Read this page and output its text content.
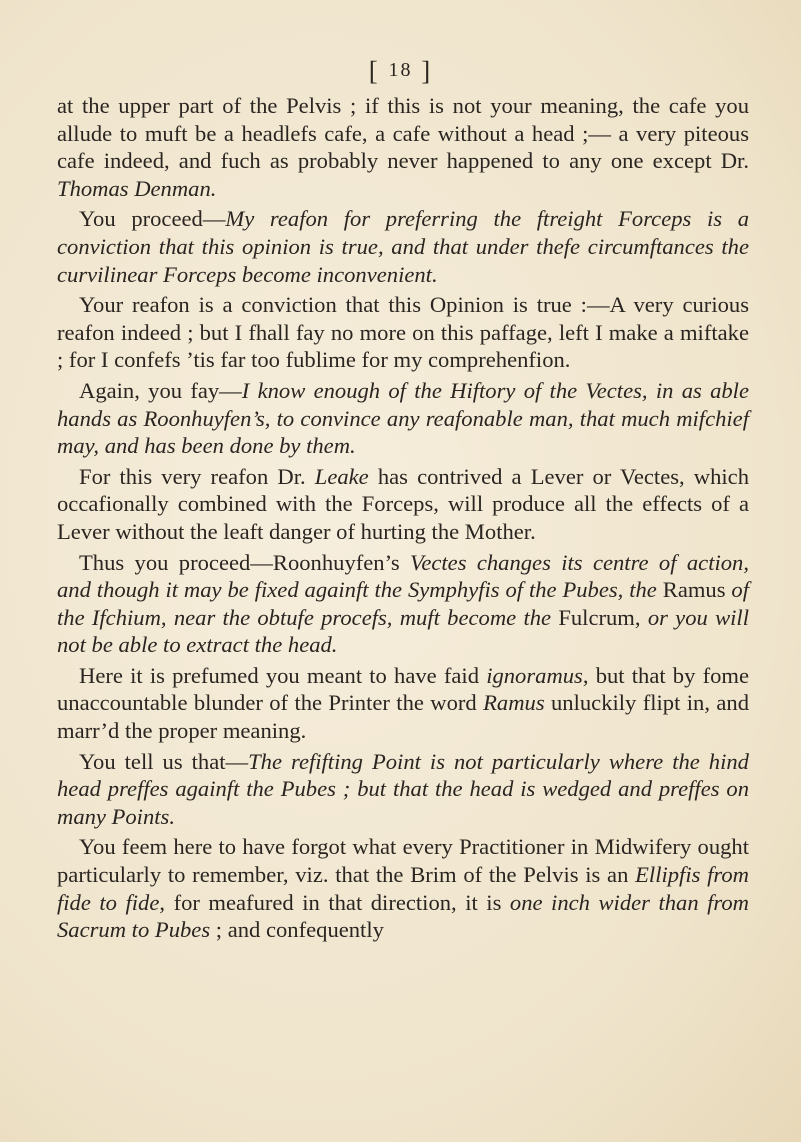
[ 18 ]

at the upper part of the Pelvis ; if this is not your meaning, the cafe you allude to muft be a headlefs cafe, a cafe without a head ;— a very piteous cafe indeed, and fuch as probably never happened to any one except Dr. Thomas Denman.

You proceed—My reafon for preferring the ftreight Forceps is a conviction that this opinion is true, and that under thefe circumftances the curvilinear Forceps become inconvenient.

Your reafon is a conviction that this Opinion is true :—A very curious reafon indeed ; but I fhall fay no more on this paffage, left I make a miftake ; for I confefs ’tis far too fublime for my comprehenfion.

Again, you fay—I know enough of the Hiftory of the Vectes, in as able hands as Roonhuyfen’s, to convince any reafonable man, that much mifchief may, and has been done by them.

For this very reafon Dr. Leake has contrived a Lever or Vectes, which occafionally combined with the Forceps, will produce all the effects of a Lever without the leaft danger of hurting the Mother.

Thus you proceed—Roonhuyfen’s Vectes changes its centre of action, and though it may be fixed againft the Symphyfis of the Pubes, the Ramus of the Ifchium, near the obtufe procefs, muft become the Fulcrum, or you will not be able to extract the head.

Here it is prefumed you meant to have faid ignoramus, but that by fome unaccountable blunder of the Printer the word Ramus unluckily flipt in, and marr’d the proper meaning.

You tell us that—The refifting Point is not particularly where the hind head preffes againft the Pubes ; but that the head is wedged and preffes on many Points.

You feem here to have forgot what every Practitioner in Midwifery ought particularly to remember, viz. that the Brim of the Pelvis is an Ellipfis from fide to fide, for meafured in that direction, it is one inch wider than from Sacrum to Pubes ; and confequently
